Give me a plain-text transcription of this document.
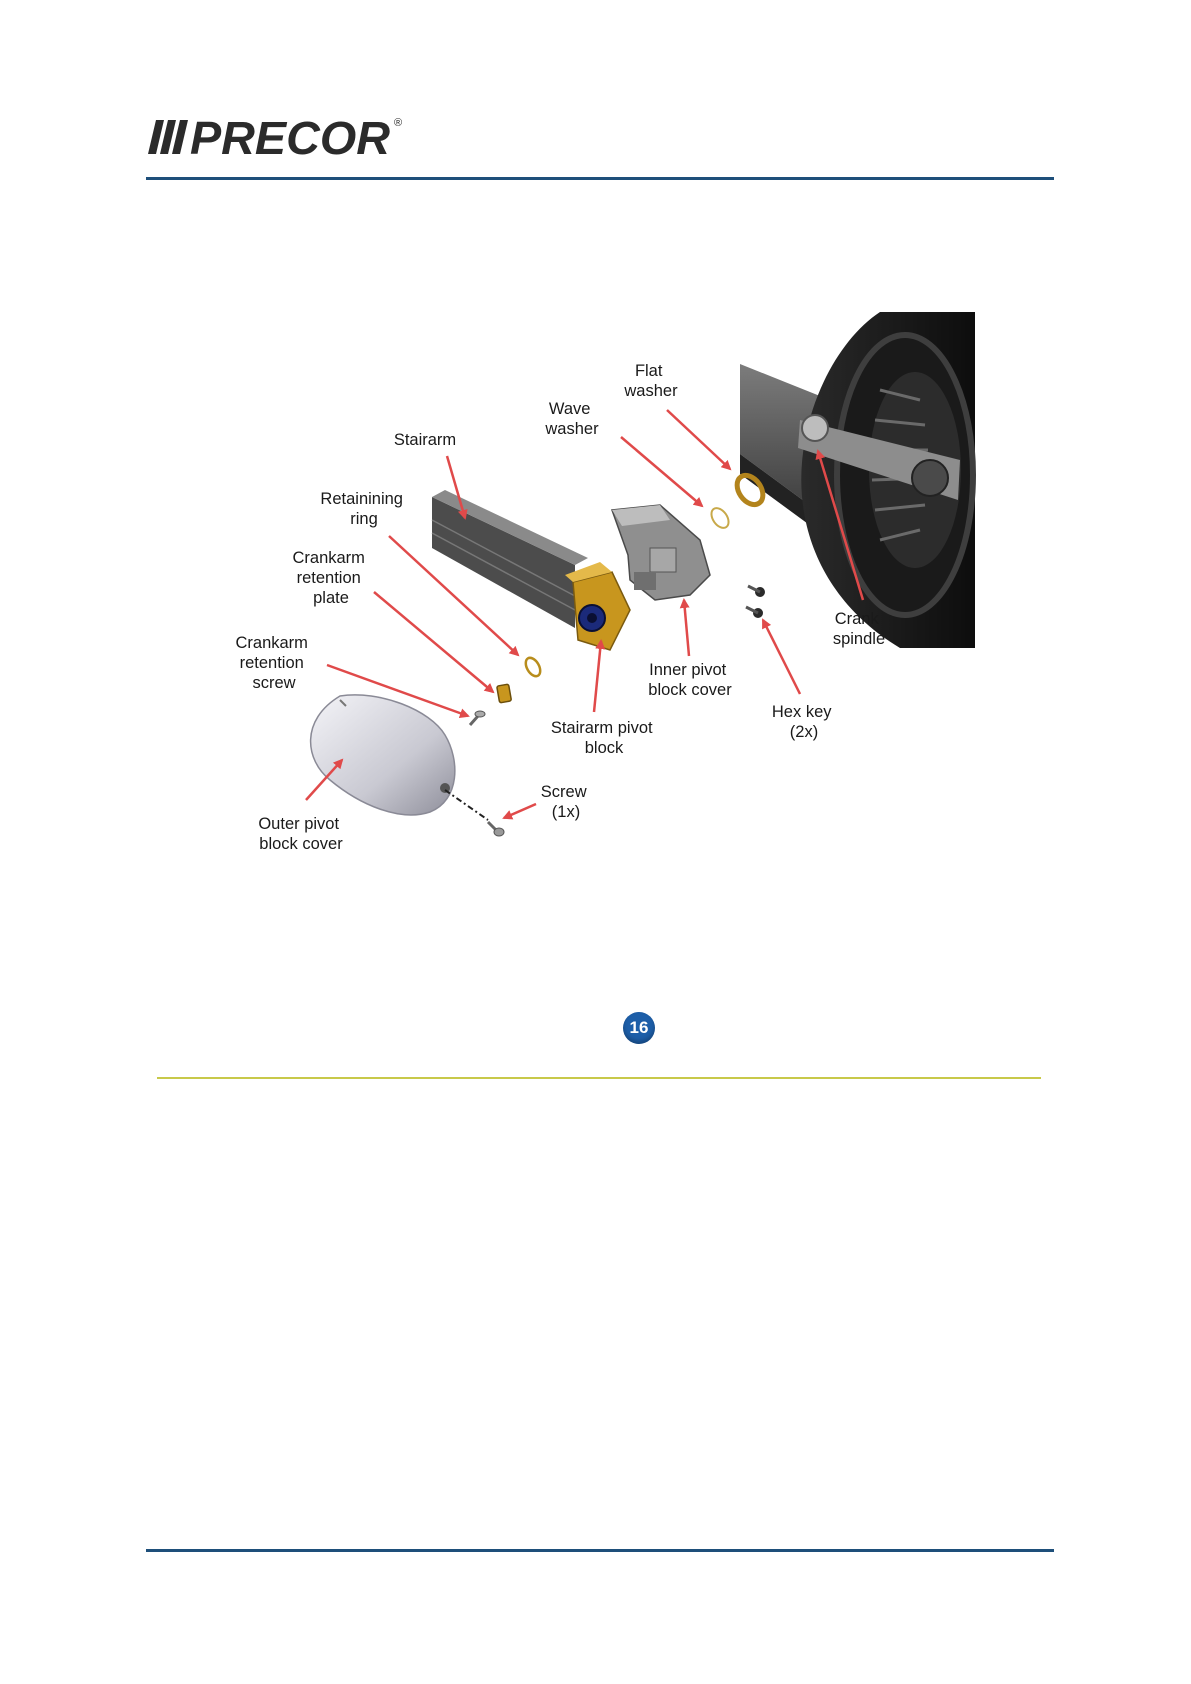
PRECOR ®
Flat washer
Wave washer
Stairarm
Retainining ring
Crankarm retention plate
Crankarm retention screw
Inner pivot block cover
Crank spindle
Hex key (2x)
Stairarm pivot block
Screw (1x)
Outer pivot block cover
16
